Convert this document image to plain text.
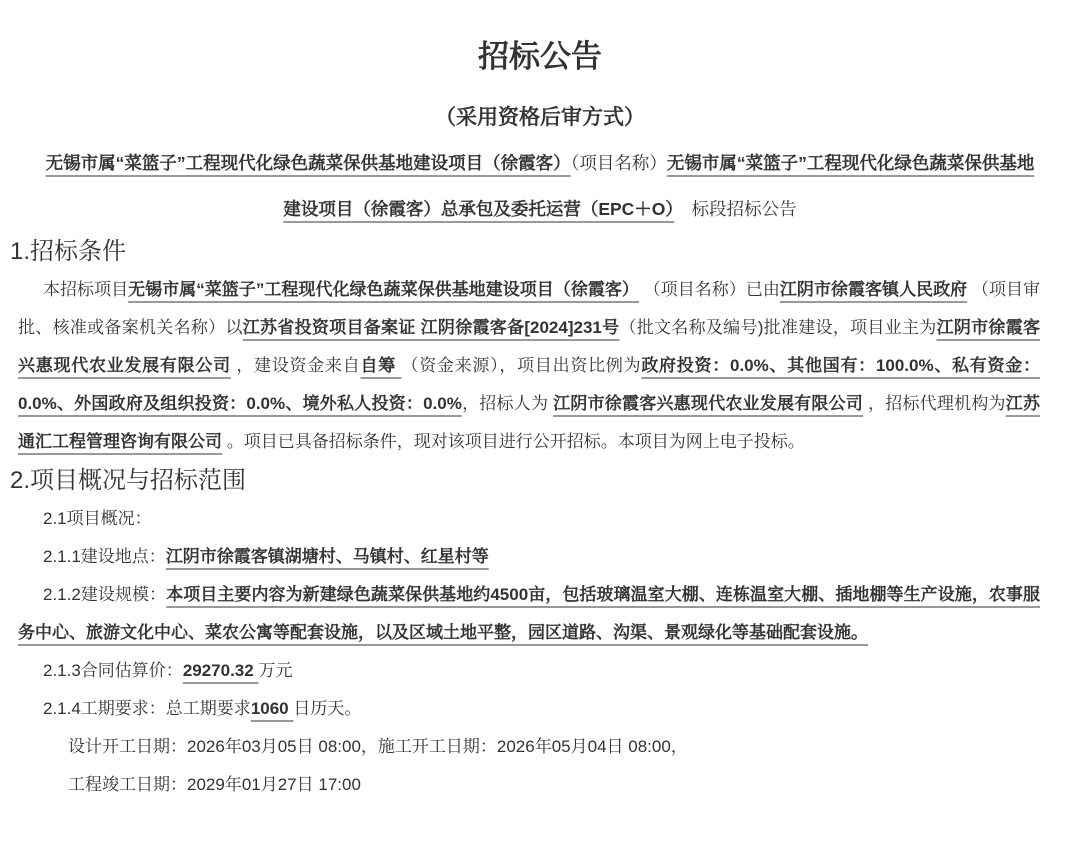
招标公告

（采用资格后审方式）

无锡市属“菜篮子”工程现代化绿色蔬菜保供基地建设项目（徐霞客）（项目名称）无锡市属“菜篮子”工程现代化绿色蔬菜保供基地建设项目（徐霞客）总承包及委托运营（EPC＋O）　标段招标公告

1.招标条件

本招标项目无锡市属“菜篮子”工程现代化绿色蔬菜保供基地建设项目（徐霞客） （项目名称）已由江阴市徐霞客镇人民政府 （项目审批、核准或备案机关名称）以江苏省投资项目备案证 江阴徐霞客备[2024]231号（批文名称及编号)批准建设，项目业主为江阴市徐霞客兴惠现代农业发展有限公司 ，建设资金来自自筹 （资金来源），项目出资比例为政府投资：0.0%、其他国有：100.0%、私有资金：0.0%、外国政府及组织投资：0.0%、境外私人投资：0.0%，招标人为 江阴市徐霞客兴惠现代农业发展有限公司 ，招标代理机构为江苏通汇工程管理咨询有限公司 。项目已具备招标条件，现对该项目进行公开招标。本项目为网上电子投标。

2.项目概况与招标范围

2.1项目概况：

2.1.1建设地点：江阴市徐霞客镇湖塘村、马镇村、红星村等

2.1.2建设规模：本项目主要内容为新建绿色蔬菜保供基地约4500亩，包括玻璃温室大棚、连栋温室大棚、插地棚等生产设施，农事服务中心、旅游文化中心、菜农公寓等配套设施，以及区域土地平整，园区道路、沟渠、景观绿化等基础配套设施。

2.1.3合同估算价：29270.32 万元

2.1.4工期要求：总工期要求1060 日历天。

设计开工日期：2026年03月05日 08:00，施工开工日期：2026年05月04日 08:00，

工程竣工日期：2029年01月27日 17:00
